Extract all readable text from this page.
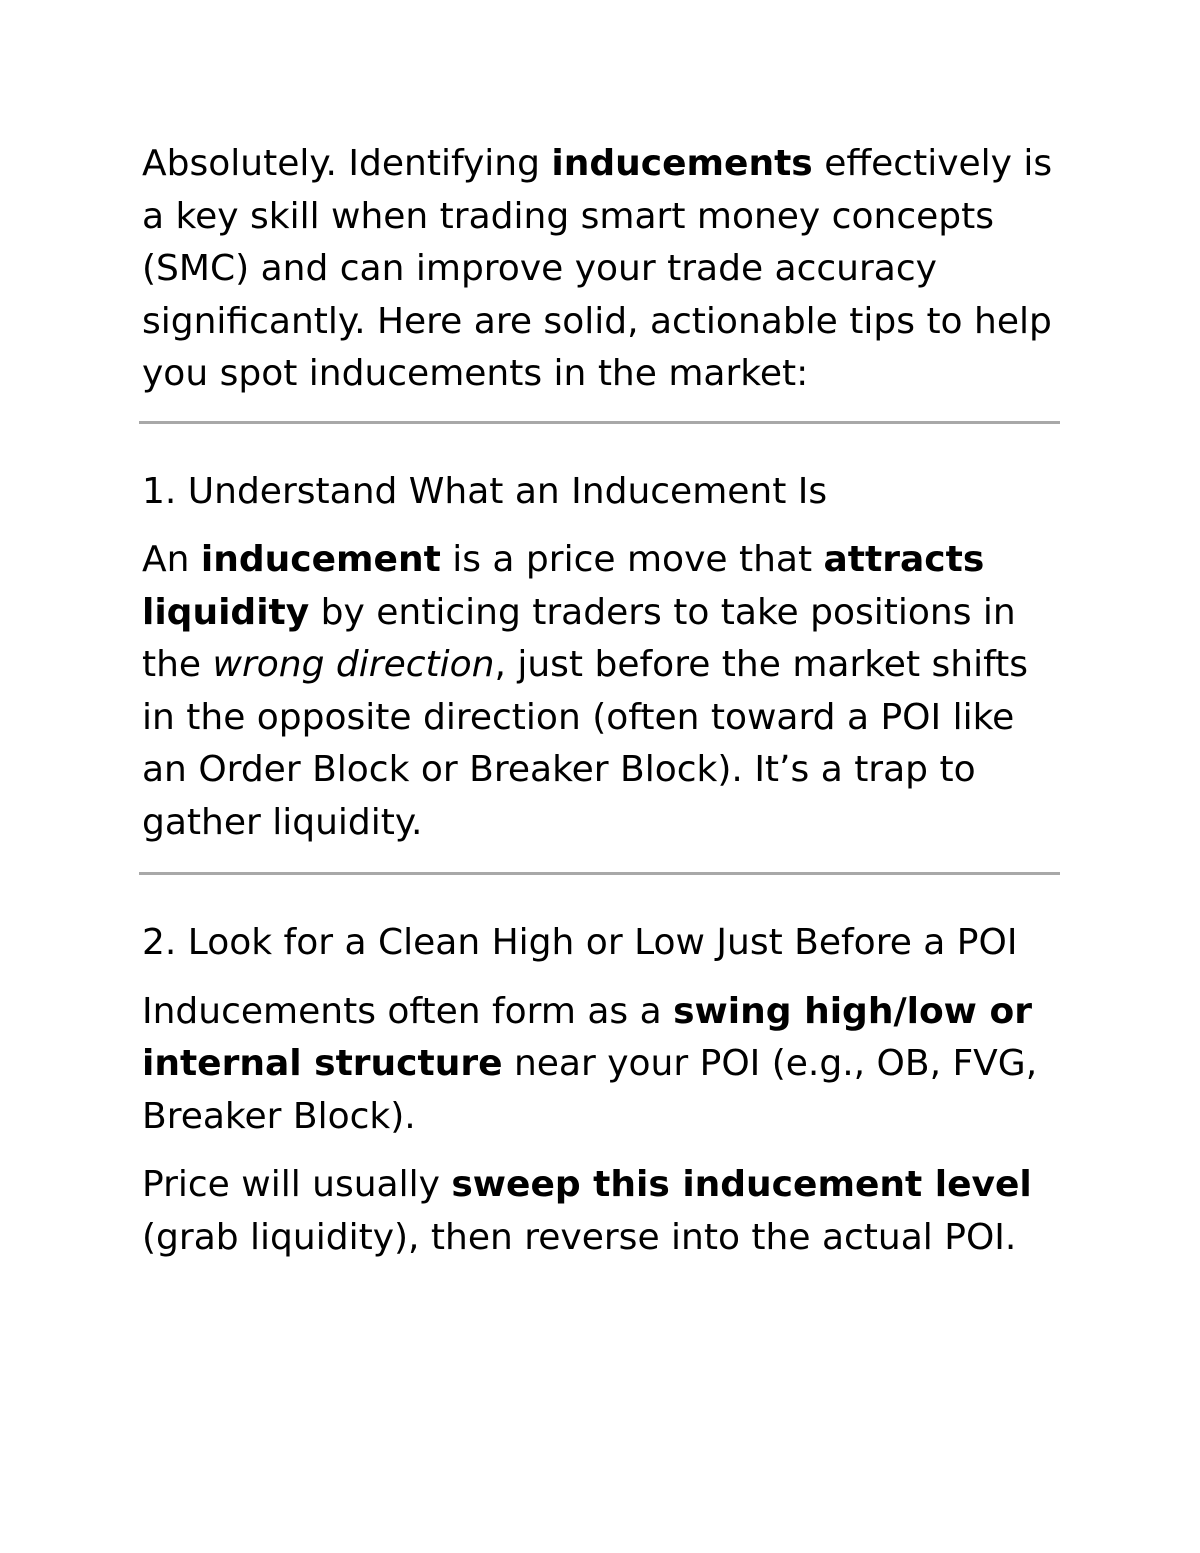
Absolutely. Identifying inducements effectively is a key skill when trading smart money concepts (SMC) and can improve your trade accuracy significantly. Here are solid, actionable tips to help you spot inducements in the market:

1. Understand What an Inducement Is

An inducement is a price move that attracts liquidity by enticing traders to take positions in the wrong direction, just before the market shifts in the opposite direction (often toward a POI like an Order Block or Breaker Block). It’s a trap to gather liquidity.

2. Look for a Clean High or Low Just Before a POI

Inducements often form as a swing high/low or internal structure near your POI (e.g., OB, FVG, Breaker Block).

Price will usually sweep this inducement level (grab liquidity), then reverse into the actual POI.
